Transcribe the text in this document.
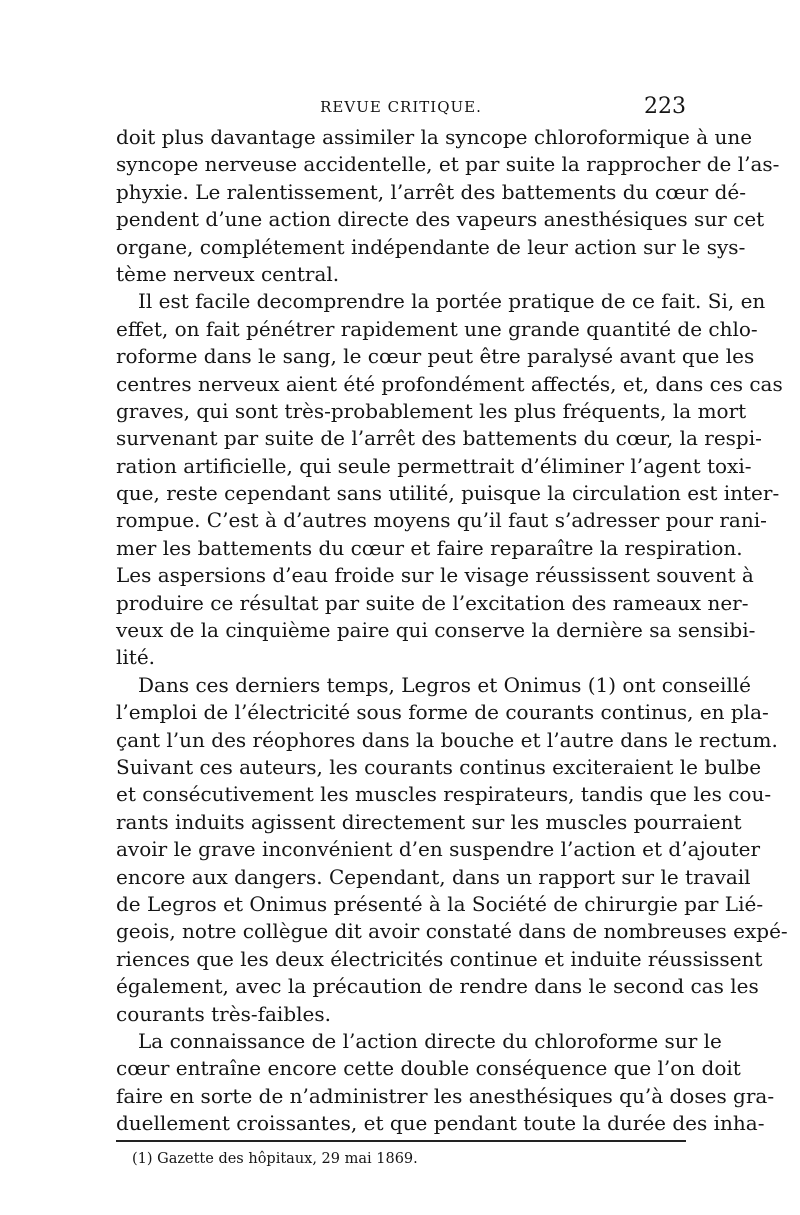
REVUE CRITIQUE.	223
doit plus davantage assimiler la syncope chloroformique à une
syncope nerveuse accidentelle, et par suite la rapprocher de l’as-
phyxie. Le ralentissement, l’arrêt des battements du cœur dé-
pendent d’une action directe des vapeurs anesthésiques sur cet
organe, complétement indépendante de leur action sur le sys-
tème nerveux central.
Il est facile decomprendre la portée pratique de ce fait. Si, en
effet, on fait pénétrer rapidement une grande quantité de chlo-
roforme dans le sang, le cœur peut être paralysé avant que les
centres nerveux aient été profondément affectés, et, dans ces cas
graves, qui sont très-probablement les plus fréquents, la mort
survenant par suite de l’arrêt des battements du cœur, la respi-
ration artificielle, qui seule permettrait d’éliminer l’agent toxi-
que, reste cependant sans utilité, puisque la circulation est inter-
rompue. C’est à d’autres moyens qu’il faut s’adresser pour rani-
mer les battements du cœur et faire reparaître la respiration.
Les aspersions d’eau froide sur le visage réussissent souvent à
produire ce résultat par suite de l’excitation des rameaux ner-
veux de la cinquième paire qui conserve la dernière sa sensibi-
lité.
Dans ces derniers temps, Legros et Onimus (1) ont conseillé
l’emploi de l’électricité sous forme de courants continus, en pla-
çant l’un des réophores dans la bouche et l’autre dans le rectum.
Suivant ces auteurs, les courants continus exciteraient le bulbe
et consécutivement les muscles respirateurs, tandis que les cou-
rants induits agissent directement sur les muscles pourraient
avoir le grave inconvénient d’en suspendre l’action et d’ajouter
encore aux dangers. Cependant, dans un rapport sur le travail
de Legros et Onimus présenté à la Société de chirurgie par Lié-
geois, notre collègue dit avoir constaté dans de nombreuses expé-
riences que les deux électricités continue et induite réussissent
également, avec la précaution de rendre dans le second cas les
courants très-faibles.
La connaissance de l’action directe du chloroforme sur le
cœur entraîne encore cette double conséquence que l’on doit
faire en sorte de n’administrer les anesthésiques qu’à doses gra-
duellement croissantes, et que pendant toute la durée des inha-
(1) Gazette des hôpitaux, 29 mai 1869.
